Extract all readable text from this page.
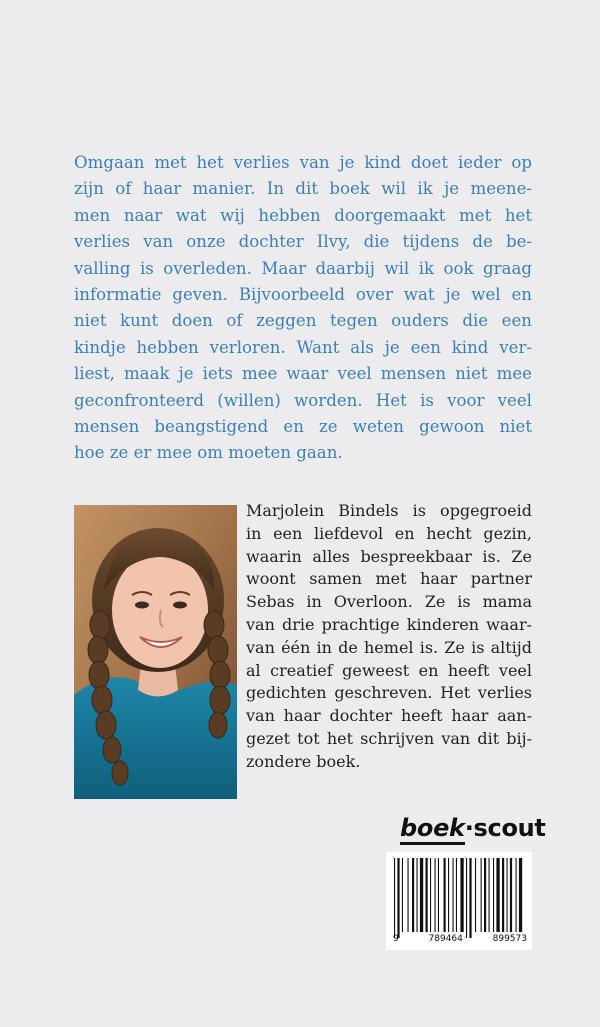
Omgaan met het verlies van je kind doet ieder op
zijn of haar manier. In dit boek wil ik je meene-
men naar wat wij hebben doorgemaakt met het
verlies van onze dochter Ilvy, die tijdens de be-
valling is overleden. Maar daarbij wil ik ook graag
informatie geven. Bijvoorbeeld over wat je wel en
niet kunt doen of zeggen tegen ouders die een
kindje hebben verloren. Want als je een kind ver-
liest, maak je iets mee waar veel mensen niet mee
geconfronteerd (willen) worden. Het is voor veel
mensen beangstigend en ze weten gewoon niet
hoe ze er mee om moeten gaan.

Marjolein Bindels is opgegroeid
in een liefdevol en hecht gezin,
waarin alles bespreekbaar is. Ze
woont samen met haar partner
Sebas in Overloon. Ze is mama
van drie prachtige kinderen waar-
van één in de hemel is. Ze is altijd
al creatief geweest en heeft veel
gedichten geschreven. Het verlies
van haar dochter heeft haar aan-
gezet tot het schrijven van dit bij-
zondere boek.

boek·scout
9	789464	899573
